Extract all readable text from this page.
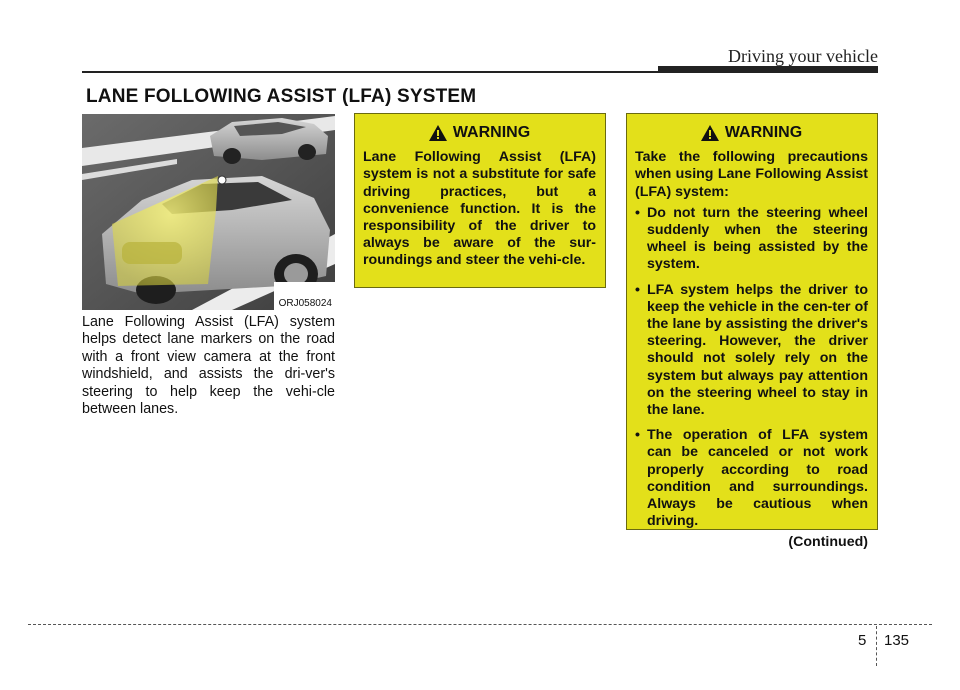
Driving your vehicle
LANE FOLLOWING ASSIST (LFA) SYSTEM
ORJ058024
Lane Following Assist (LFA) system helps detect lane markers on the road with a front view camera at the front windshield, and assists the dri-ver's steering to help keep the vehi-cle between lanes.
WARNING
Lane Following Assist (LFA) system is not a substitute for safe driving practices, but a convenience function. It is the responsibility of the driver to always be aware of the sur-roundings and steer the vehi-cle.
WARNING
Take the following precautions when using Lane Following Assist (LFA) system:
• Do not turn the steering wheel suddenly when the steering wheel is being assisted by the system.
• LFA system helps the driver to keep the vehicle in the cen-ter of the lane by assisting the driver's steering. However, the driver should not solely rely on the system but always pay attention on the steering wheel to stay in the lane.
• The operation of LFA system can be canceled or not work properly according to road condition and surroundings. Always be cautious when driving.
(Continued)
5 135
